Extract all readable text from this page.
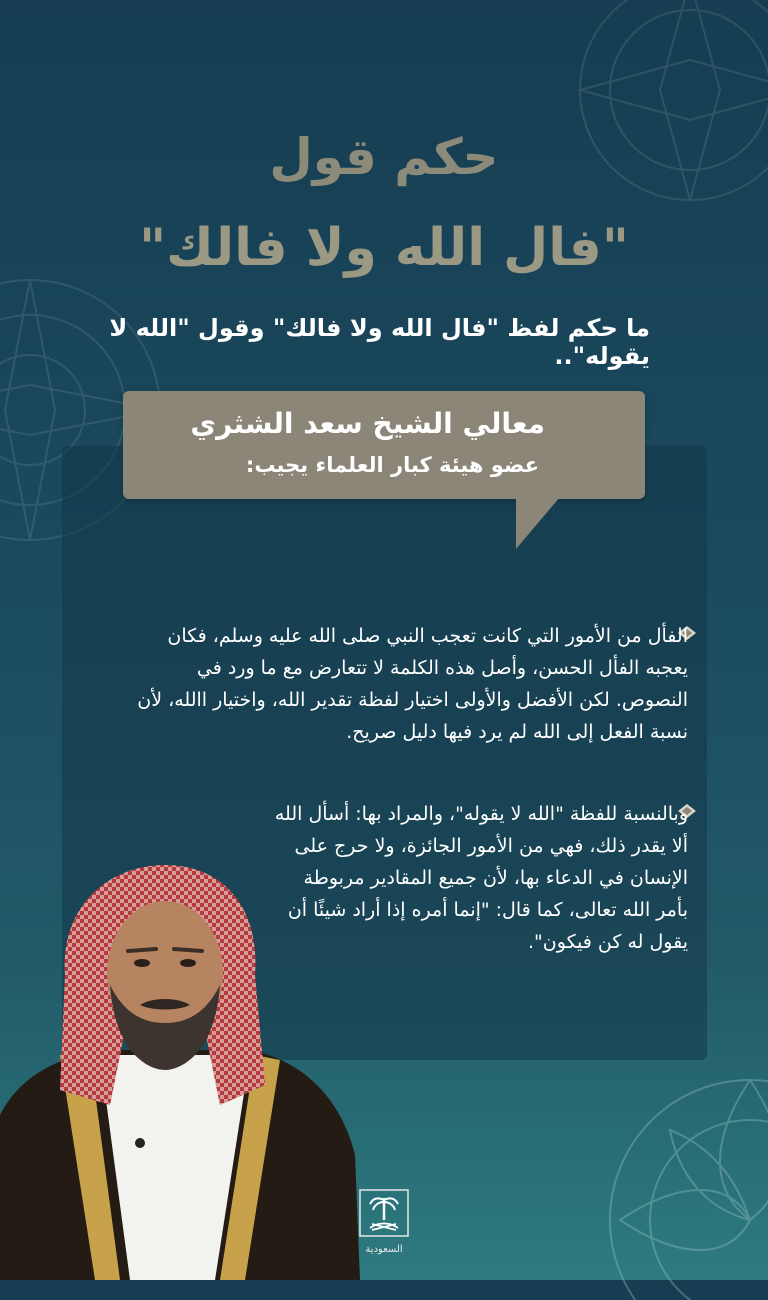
حكم قول
"فال الله ولا فالك"
ما حكم لفظ "فال الله ولا فالك" وقول "الله لا يقوله"..
معالي الشيخ سعد الشثري
عضو هيئة كبار العلماء يجيب:
الفأل من الأمور التي كانت تعجب النبي صلى الله عليه وسلم، فكان يعجبه الفأل الحسن، وأصل هذه الكلمة لا تتعارض مع ما ورد في النصوص. لكن الأفضل والأولى اختيار لفظة تقدير الله، واختيار االله، لأن نسبة الفعل إلى الله لم يرد فيها دليل صريح.
وبالنسبة للفظة "الله لا يقوله"، والمراد بها: أسأل الله ألا يقدر ذلك، فهي من الأمور الجائزة، ولا حرج على الإنسان في الدعاء بها، لأن جميع المقادير مربوطة بأمر الله تعالى، كما قال: "إنما أمره إذا أراد شيئًا أن يقول له كن فيكون".
السعودية
